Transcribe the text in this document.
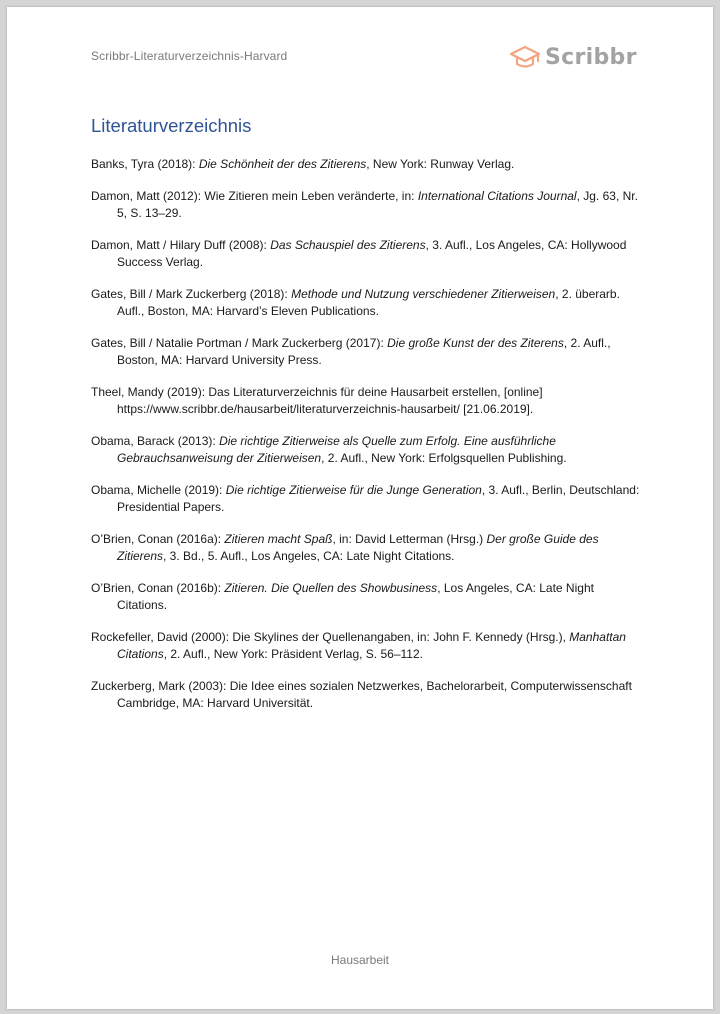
Scribbr-Literaturverzeichnis-Harvard	Scribbr
Literaturverzeichnis
Banks, Tyra (2018): Die Schönheit der des Zitierens, New York: Runway Verlag.
Damon, Matt (2012): Wie Zitieren mein Leben veränderte, in: International Citations Journal, Jg. 63, Nr. 5, S. 13–29.
Damon, Matt / Hilary Duff (2008): Das Schauspiel des Zitierens, 3. Aufl., Los Angeles, CA: Hollywood Success Verlag.
Gates, Bill / Mark Zuckerberg (2018): Methode und Nutzung verschiedener Zitierweisen, 2. überarb. Aufl., Boston, MA: Harvard’s Eleven Publications.
Gates, Bill / Natalie Portman / Mark Zuckerberg (2017): Die große Kunst der des Ziterens, 2. Aufl., Boston, MA: Harvard University Press.
Theel, Mandy (2019): Das Literaturverzeichnis für deine Hausarbeit erstellen, [online] https://www.scribbr.de/hausarbeit/literaturverzeichnis-hausarbeit/ [21.06.2019].
Obama, Barack (2013): Die richtige Zitierweise als Quelle zum Erfolg. Eine ausführliche Gebrauchsanweisung der Zitierweisen, 2. Aufl., New York: Erfolgsquellen Publishing.
Obama, Michelle (2019): Die richtige Zitierweise für die Junge Generation, 3. Aufl., Berlin, Deutschland: Presidential Papers.
O’Brien, Conan (2016a): Zitieren macht Spaß, in: David Letterman (Hrsg.) Der große Guide des Zitierens, 3. Bd., 5. Aufl., Los Angeles, CA: Late Night Citations.
O’Brien, Conan (2016b): Zitieren. Die Quellen des Showbusiness, Los Angeles, CA: Late Night Citations.
Rockefeller, David (2000): Die Skylines der Quellenangaben, in: John F. Kennedy (Hrsg.), Manhattan Citations, 2. Aufl., New York: Präsident Verlag, S. 56–112.
Zuckerberg, Mark (2003): Die Idee eines sozialen Netzwerkes, Bachelorarbeit, Computerwissenschaft Cambridge, MA: Harvard Universität.
Hausarbeit
